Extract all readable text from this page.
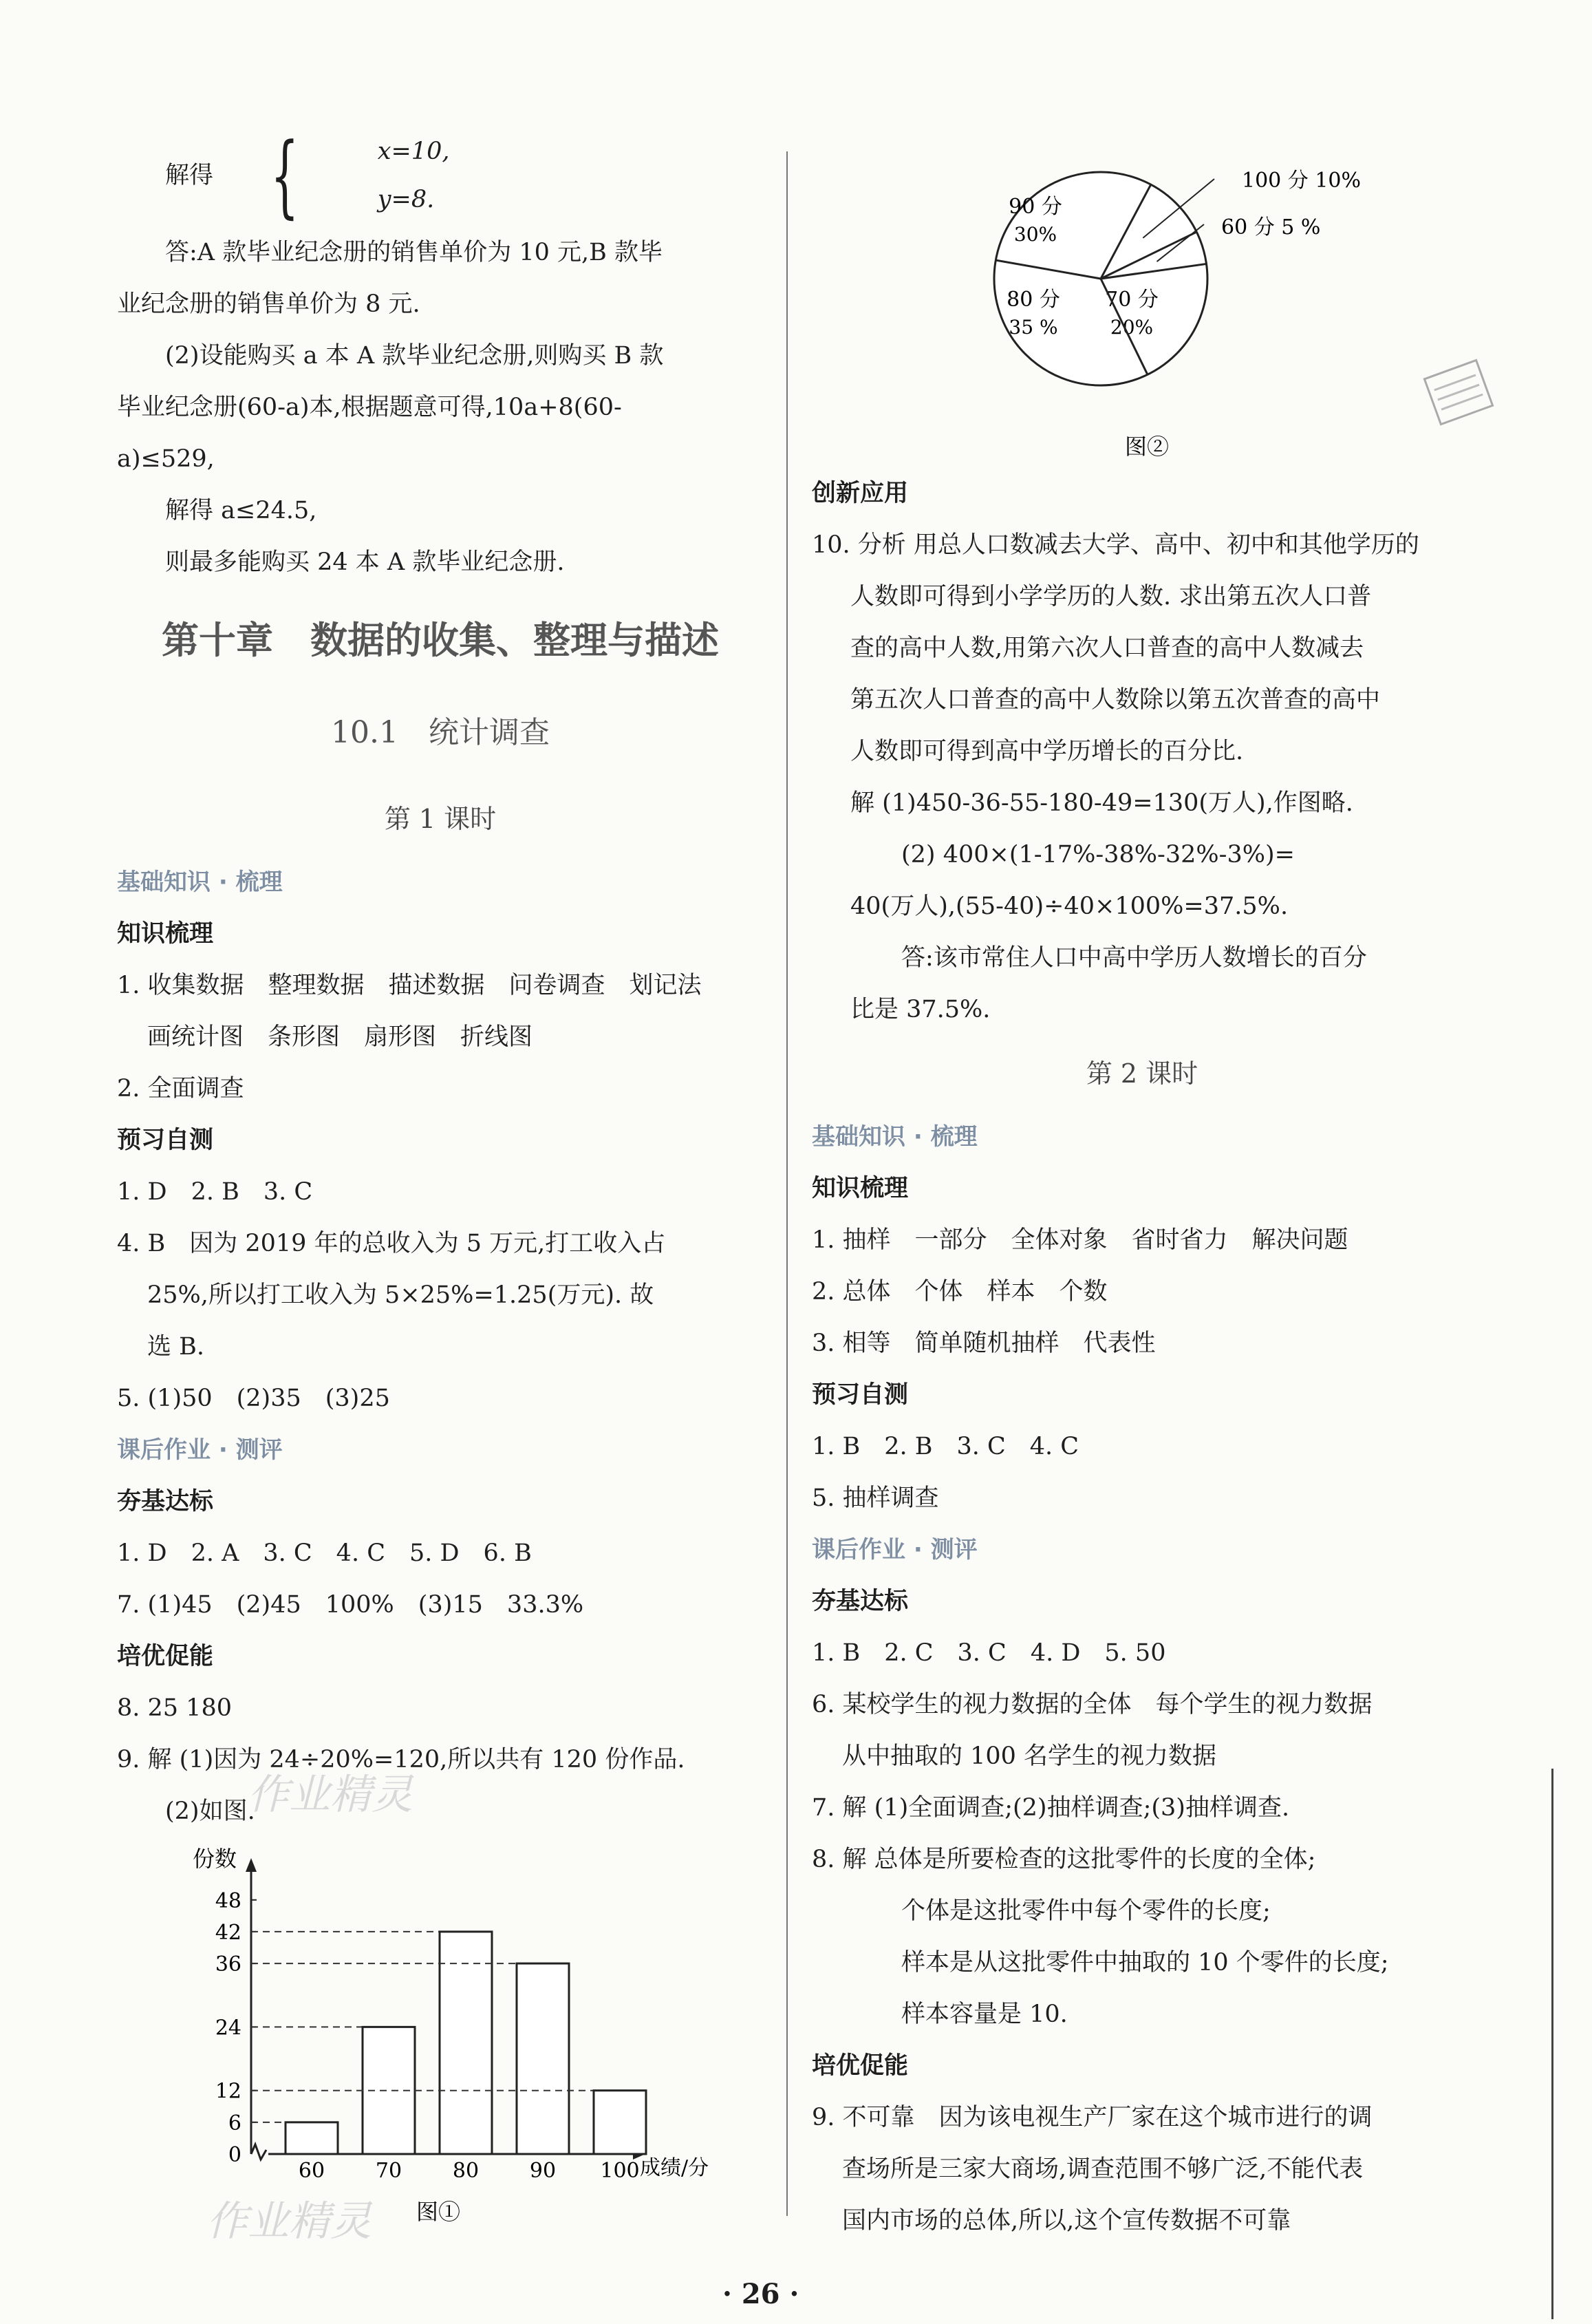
解得 {	x=10,
y=8.

答:A 款毕业纪念册的销售单价为 10 元,B 款毕

业纪念册的销售单价为 8 元.

(2)设能购买 a 本 A 款毕业纪念册,则购买 B 款

毕业纪念册(60-a)本,根据题意可得,10a+8(60-

a)≤529,

解得 a≤24.5,

则最多能购买 24 本 A 款毕业纪念册.

第十章　数据的收集、整理与描述
10.1　统计调查
第 1 课时

基础知识 · 梳理

知识梳理

1. 收集数据　整理数据　描述数据　问卷调查　划记法

画统计图　条形图　扇形图　折线图

2. 全面调查

预习自测

1. D　2. B　3. C

4. B　因为 2019 年的总收入为 5 万元,打工收入占

25%,所以打工收入为 5×25%=1.25(万元). 故

选 B.

5. (1)50　(2)35　(3)25

课后作业 · 测评

夯基达标

1. D　2. A　3. C　4. C　5. D　6. B

7. (1)45　(2)45　100%　(3)15　33.3%

培优促能

8. 25 180

9. 解 (1)因为 24÷20%=120,所以共有 120 份作品.

(2)如图.

0
6
12
24
36
42
48
60 70 80 90 100
份数
成绩/分
图①
100 分 10%
60 分 5 %
70 分
20%
80 分
35 %
90 分
30%
图②

创新应用

10. 分析 用总人口数减去大学、高中、初中和其他学历的

人数即可得到小学学历的人数. 求出第五次人口普

查的高中人数,用第六次人口普查的高中人数减去

第五次人口普查的高中人数除以第五次普查的高中

人数即可得到高中学历增长的百分比.

解 (1)450-36-55-180-49=130(万人),作图略.

(2) 400×(1-17%-38%-32%-3%)=

40(万人),(55-40)÷40×100%=37.5%.

答:该市常住人口中高中学历人数增长的百分

比是 37.5%.

第 2 课时

基础知识 · 梳理

知识梳理

1. 抽样　一部分　全体对象　省时省力　解决问题

2. 总体　个体　样本　个数

3. 相等　简单随机抽样　代表性

预习自测

1. B　2. B　3. C　4. C

5. 抽样调查

课后作业 · 测评

夯基达标

1. B　2. C　3. C　4. D　5. 50

6. 某校学生的视力数据的全体　每个学生的视力数据

从中抽取的 100 名学生的视力数据

7. 解 (1)全面调查;(2)抽样调查;(3)抽样调查.

8. 解 总体是所要检查的这批零件的长度的全体;

个体是这批零件中每个零件的长度;

样本是从这批零件中抽取的 10 个零件的长度;

样本容量是 10.

培优促能

9. 不可靠　因为该电视生产厂家在这个城市进行的调

查场所是三家大商场,调查范围不够广泛,不能代表

国内市场的总体,所以,这个宣传数据不可靠

作业精灵
作业精灵
· 26 ·
